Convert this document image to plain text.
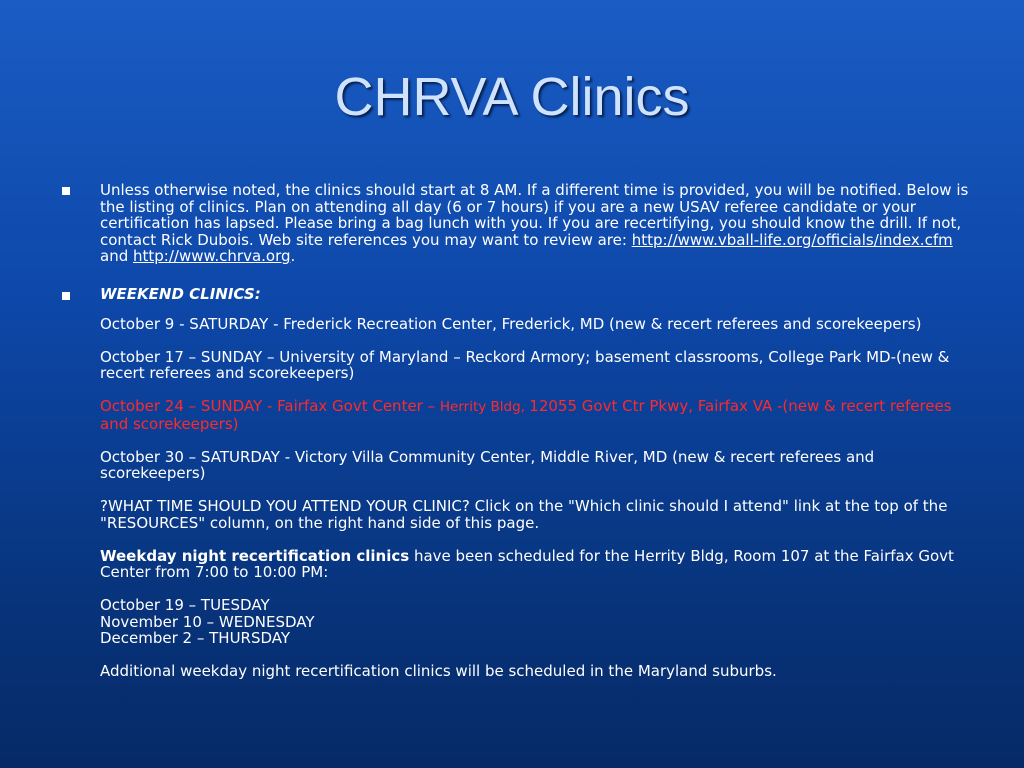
CHRVA Clinics
Unless otherwise noted, the clinics should start at 8 AM. If a different time is provided, you will be notified. Below is the listing of clinics. Plan on attending all day (6 or 7 hours) if you are a new USAV referee candidate or your certification has lapsed. Please bring a bag lunch with you. If you are recertifying, you should know the drill. If not, contact Rick Dubois. Web site references you may want to review are: http://www.vball-life.org/officials/index.cfm and http://www.chrva.org.

WEEKEND CLINICS:

October 9 - SATURDAY - Frederick Recreation Center, Frederick, MD (new & recert referees and scorekeepers)

October 17 – SUNDAY – University of Maryland – Reckord Armory; basement classrooms, College Park MD-(new & recert referees and scorekeepers)

October 24 – SUNDAY - Fairfax Govt Center – Herrity Bldg, 12055 Govt Ctr Pkwy, Fairfax VA -(new & recert referees and scorekeepers)

October 30 – SATURDAY - Victory Villa Community Center, Middle River, MD (new & recert referees and scorekeepers)

?WHAT TIME SHOULD YOU ATTEND YOUR CLINIC? Click on the "Which clinic should I attend" link at the top of the "RESOURCES" column, on the right hand side of this page.

Weekday night recertification clinics have been scheduled for the Herrity Bldg, Room 107 at the Fairfax Govt Center from 7:00 to 10:00 PM:

October 19 – TUESDAY
November 10 – WEDNESDAY
December 2 – THURSDAY

Additional weekday night recertification clinics will be scheduled in the Maryland suburbs.
